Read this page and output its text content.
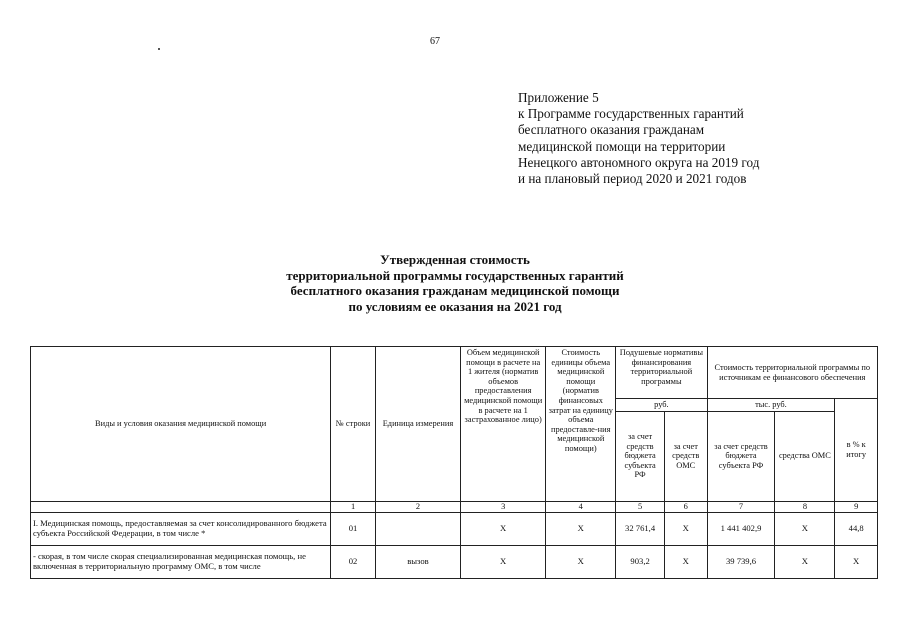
67
Приложение 5
к Программе государственных гарантий
бесплатного оказания гражданам
медицинской помощи на территории
Ненецкого автономного округа на 2019 год
и на плановый период 2020 и 2021 годов
Утвержденная стоимость
территориальной программы государственных гарантий
бесплатного оказания гражданам медицинской помощи
по условиям ее оказания на 2021 год
Виды и условия оказания медицинской помощи	№ строки	Единица измерения	Объем медицинской помощи в расчете на 1 жителя (норматив объемов предоставления медицинской помощи в расчете на 1 застрахованное лицо)	Стоимость единицы объема медицинской помощи (норматив финансовых затрат на единицу объема предоставле-ния медицинской помощи)	Подушевые нормативы финансирования территориальной программы		Стоимость территориальной программы по источникам ее финансового обеспечения		
					руб.		тыс. руб.		в % к итогу
					за счет средств бюджета субъекта РФ	за счет средств ОМС	за счет средств бюджета субъекта РФ	средства ОМС	
	1	2	3	4	5	6	7	8	9
I. Медицинская помощь, предоставляемая за счет консолидированного бюджета субъекта Российской Федерации, в том числе *	01		X	X	32 761,4	X	1 441 402,9	X	44,8
- скорая, в том числе скорая специализированная медицинская помощь, не включенная в территориальную программу ОМС, в том числе	02	вызов	X	X	903,2	X	39 739,6	X	X
